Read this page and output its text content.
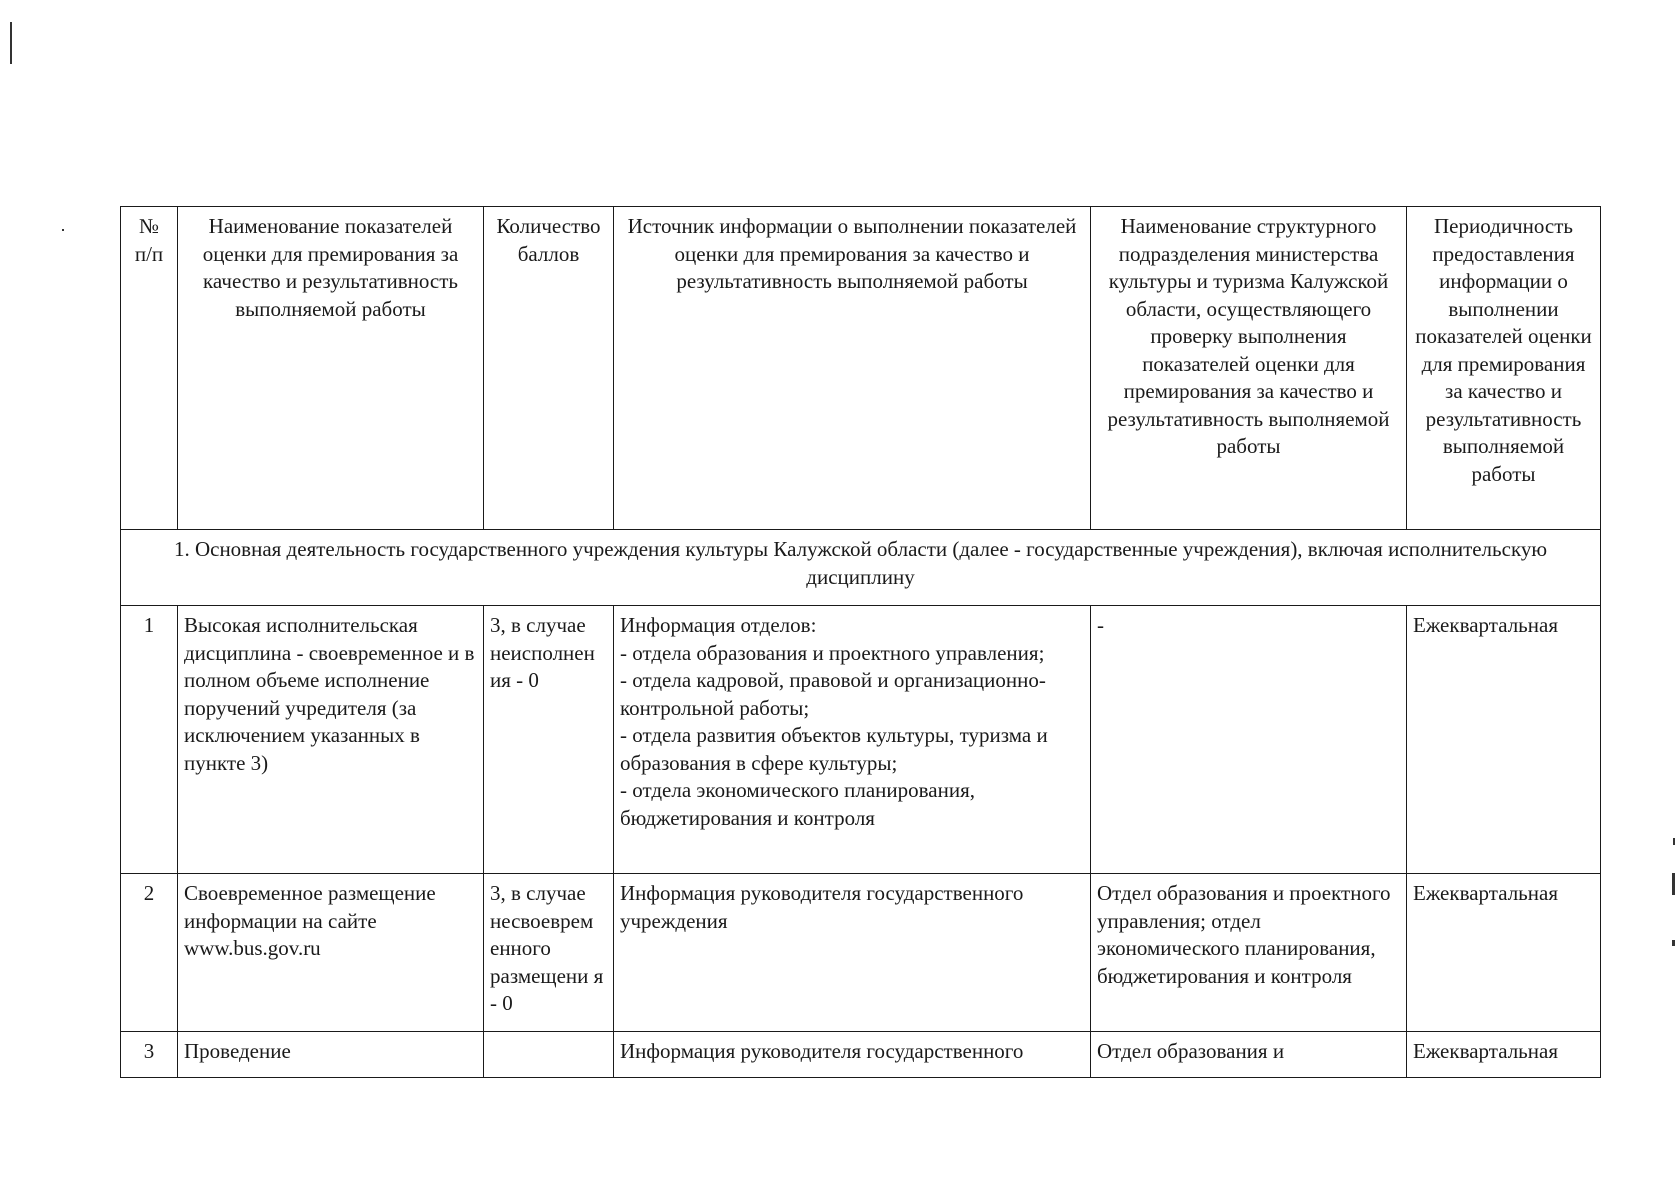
№
п/п	Наименование показателей оценки для премирования за качество и результативность выполняемой работы	Количество баллов	Источник информации о выполнении показателей оценки для премирования за качество и результативность выполняемой работы	Наименование структурного подразделения министерства культуры и туризма Калужской области, осуществляющего проверку выполнения показателей оценки для премирования за качество и результативность выполняемой работы	Периодичность предоставления информации о выполнении показателей оценки для премирования за качество и результативность выполняемой работы
1. Основная деятельность государственного учреждения культуры Калужской области (далее - государственные учреждения), включая исполнительскую дисциплину					
1	Высокая исполнительская дисциплина - своевременное и в полном объеме исполнение поручений учредителя (за исключением указанных в пункте 3)	3, в случае неисполнен ия - 0	Информация отделов:
- отдела образования и проектного управления;
- отдела кадровой, правовой и организационно-контрольной работы;
- отдела развития объектов культуры, туризма и образования в сфере культуры;
- отдела экономического планирования, бюджетирования и контроля	-	Ежеквартальная
2	Своевременное размещение информации на сайте www.bus.gov.ru	3, в случае несвоеврем енного размещени я - 0	Информация руководителя государственного учреждения	Отдел образования и проектного управления; отдел экономического планирования, бюджетирования и контроля	Ежеквартальная
3	Проведение		Информация руководителя государственного	Отдел образования и	Ежеквартальная
